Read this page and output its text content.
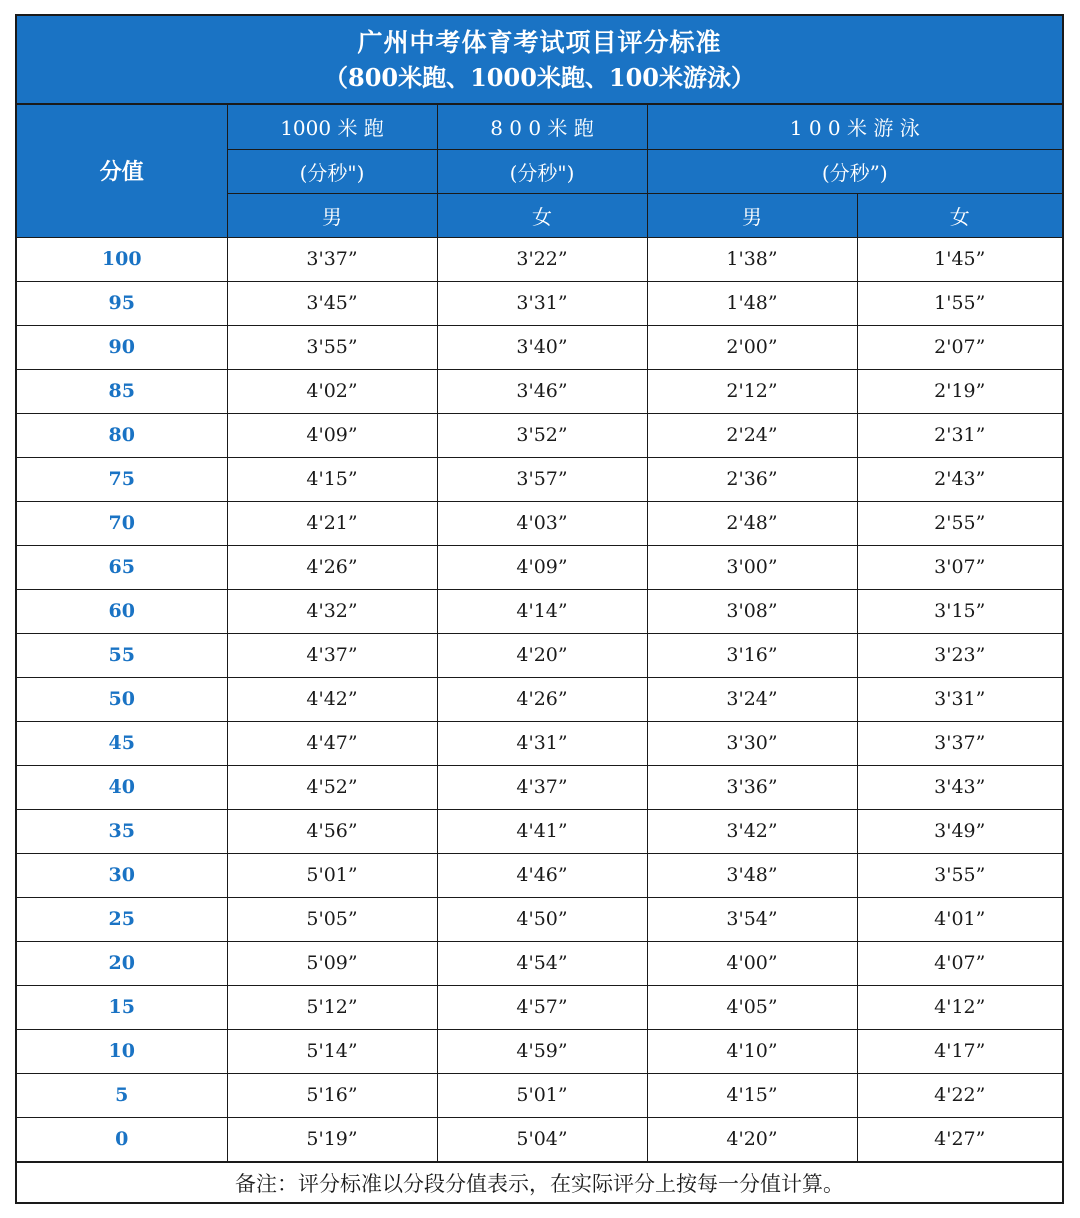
广州中考体育考试项目评分标准
（800米跑、1000米跑、100米游泳）
分值	1000 米 跑	8 0 0 米 跑	1 0 0 米 游 泳	
	(分秒")	(分秒")	(分秒”)	
	男	女	男	女
100	3'37”	3'22”	1'38”	1'45”
95	3'45”	3'31”	1'48”	1'55”
90	3'55”	3'40”	2'00”	2'07”
85	4'02”	3'46”	2'12”	2'19”
80	4'09”	3'52”	2'24”	2'31”
75	4'15”	3'57”	2'36”	2'43”
70	4'21”	4'03”	2'48”	2'55”
65	4'26”	4'09”	3'00”	3'07”
60	4'32”	4'14”	3'08”	3'15”
55	4'37”	4'20”	3'16”	3'23”
50	4'42”	4'26”	3'24”	3'31”
45	4'47”	4'31”	3'30”	3'37”
40	4'52”	4'37”	3'36”	3'43”
35	4'56”	4'41”	3'42”	3'49”
30	5'01”	4'46”	3'48”	3'55”
25	5'05”	4'50”	3'54”	4'01”
20	5'09”	4'54”	4'00”	4'07”
15	5'12”	4'57”	4'05”	4'12”
10	5'14”	4'59”	4'10”	4'17”
5	5'16”	5'01”	4'15”	4'22”
0	5'19”	5'04”	4'20”	4'27”
备注：评分标准以分段分值表示，在实际评分上按每一分值计算。
